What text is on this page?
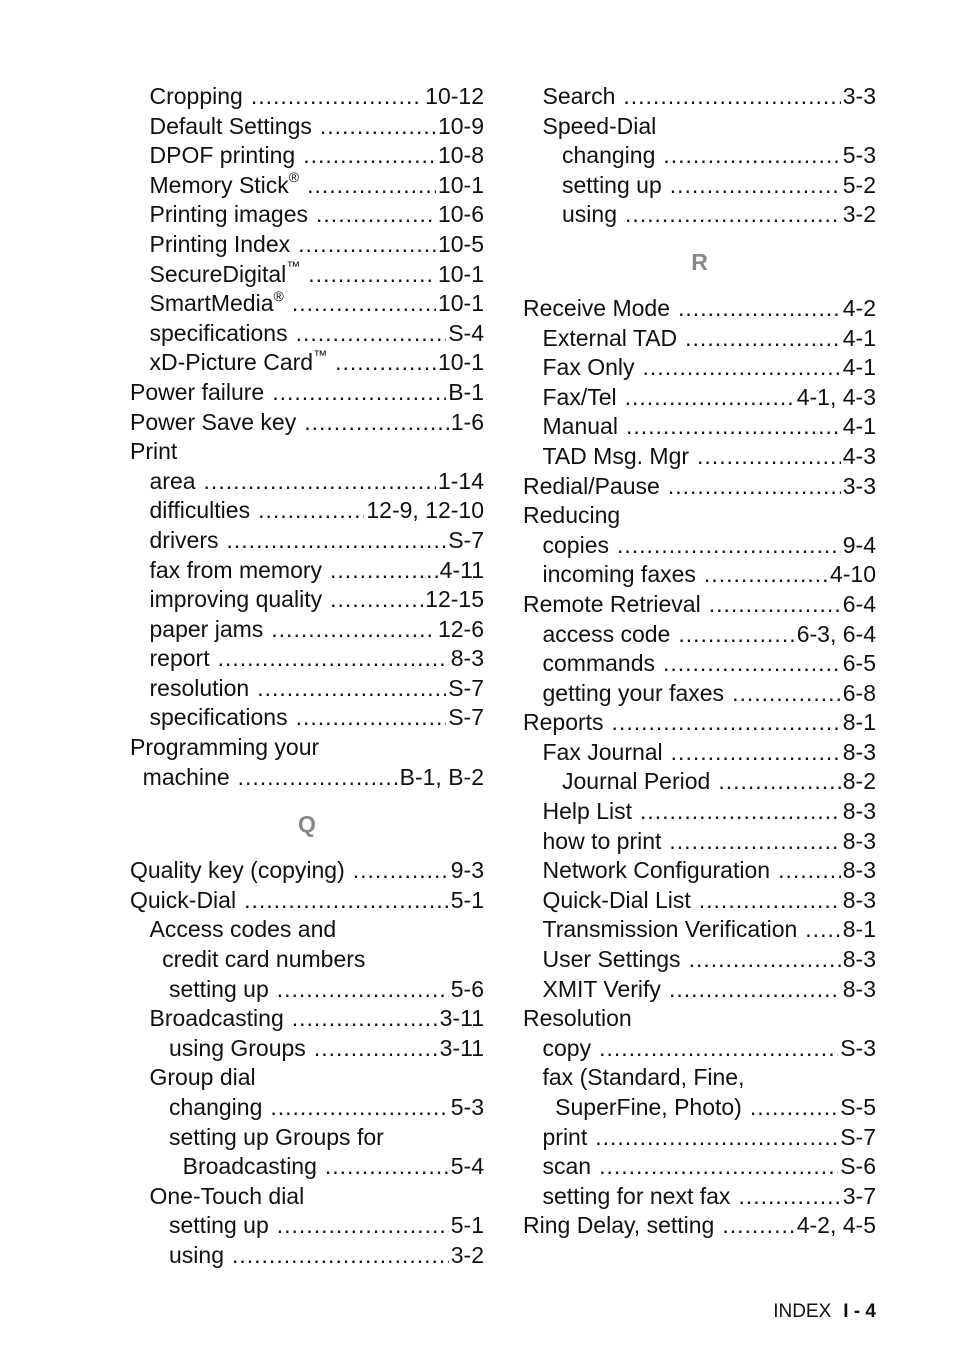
Cropping .....	10-12
Default Settings .....	10-9
DPOF printing .....	10-8
Memory Stick® .....	10-1
Printing images .....	10-6
Printing Index .....	10-5
SecureDigital™ .....	10-1
SmartMedia® .....	10-1
specifications .....	S-4
xD-Picture Card™ .....	10-1
Power failure .....	B-1
Power Save key .....	1-6
Print
area .....	1-14
difficulties .....	12-9, 12-10
drivers .....	S-7
fax from memory .....	4-11
improving quality .....	12-15
paper jams .....	12-6
report .....	8-3
resolution .....	S-7
specifications .....	S-7
Programming your
machine .....	B-1, B-2
Q
Quality key (copying) .....	9-3
Quick-Dial .....	5-1
Access codes and
credit card numbers
setting up .....	5-6
Broadcasting .....	3-11
using Groups .....	3-11
Group dial
changing .....	5-3
setting up Groups for
Broadcasting .....	5-4
One-Touch dial
setting up .....	5-1
using .....	3-2
Search .....	3-3
Speed-Dial
changing .....	5-3
setting up .....	5-2
using .....	3-2
R
Receive Mode .....	4-2
External TAD .....	4-1
Fax Only .....	4-1
Fax/Tel .....	4-1, 4-3
Manual .....	4-1
TAD Msg. Mgr .....	4-3
Redial/Pause .....	3-3
Reducing
copies .....	9-4
incoming faxes .....	4-10
Remote Retrieval .....	6-4
access code .....	6-3, 6-4
commands .....	6-5
getting your faxes .....	6-8
Reports .....	8-1
Fax Journal .....	8-3
Journal Period .....	8-2
Help List .....	8-3
how to print .....	8-3
Network Configuration .....	8-3
Quick-Dial List .....	8-3
Transmission Verification ..... 8-1
User Settings .....	8-3
XMIT Verify .....	8-3
Resolution
copy .....	S-3
fax (Standard, Fine,
SuperFine, Photo) .....	S-5
print .....	S-7
scan .....	S-6
setting for next fax .....	3-7
Ring Delay, setting .....	4-2, 4-5
INDEX I - 4
